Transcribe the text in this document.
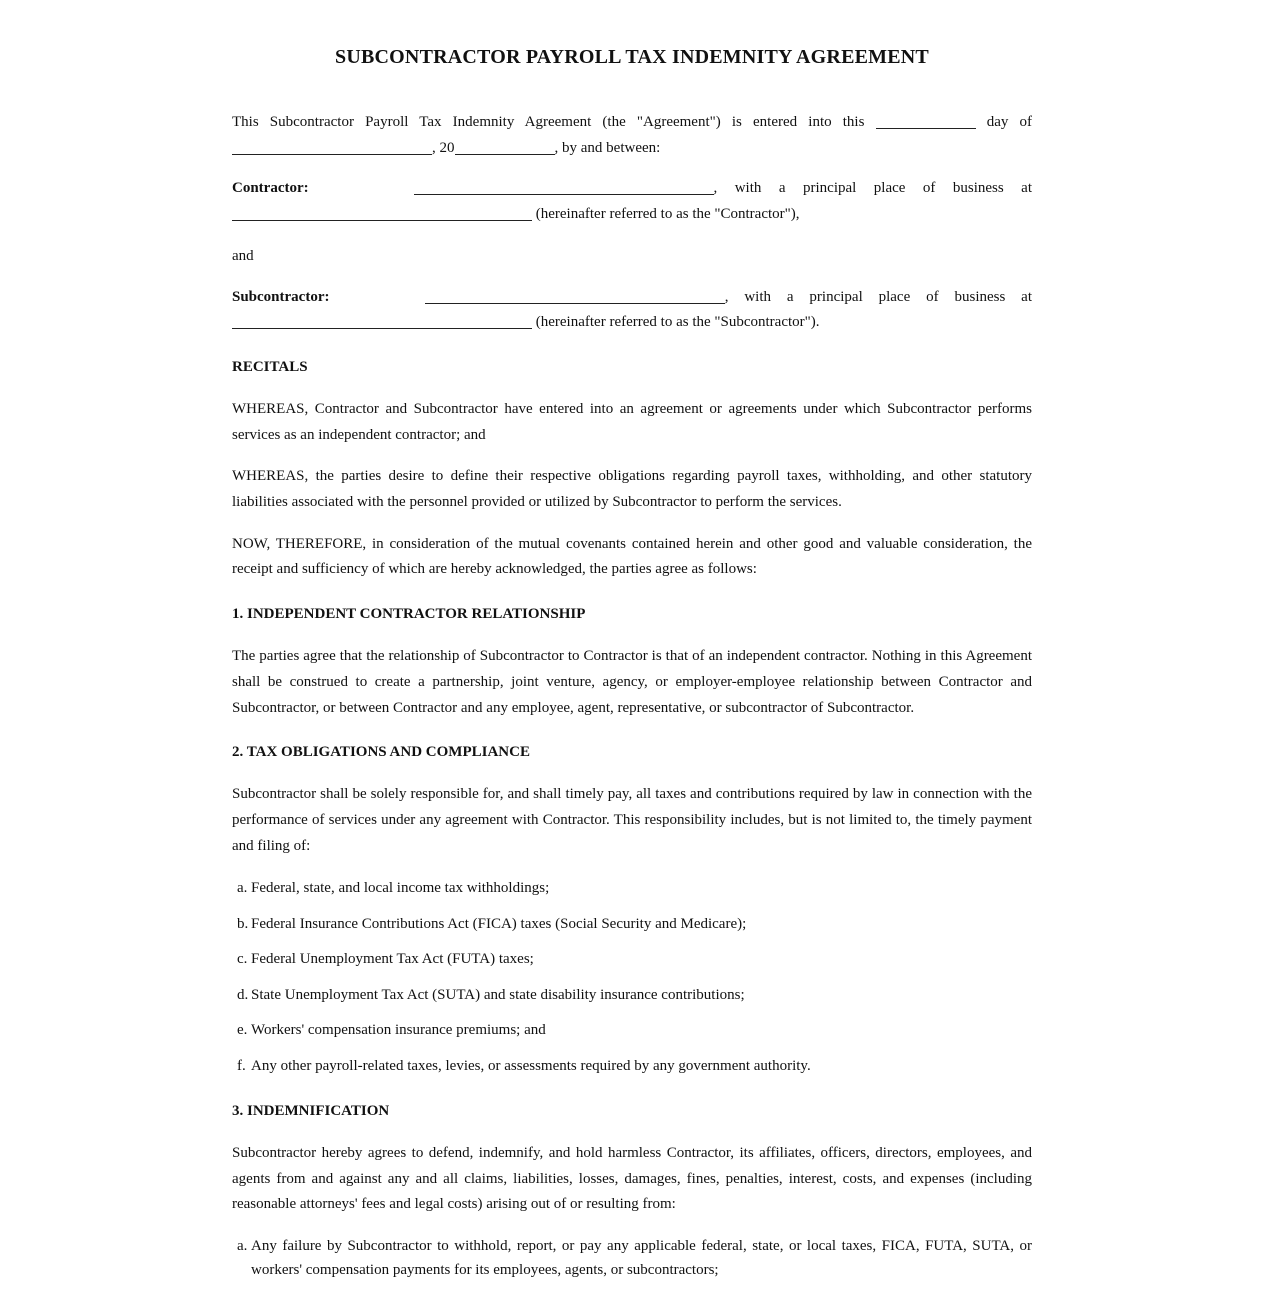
SUBCONTRACTOR PAYROLL TAX INDEMNITY AGREEMENT

This Subcontractor Payroll Tax Indemnity Agreement (the "Agreement") is entered into this	day of , 20	, by and between:

Contractor:	, with a principal place of business at  (hereinafter referred to as the "Contractor"),

and

Subcontractor:	, with a principal place of business at  (hereinafter referred to as the "Subcontractor").

RECITALS

WHEREAS, Contractor and Subcontractor have entered into an agreement or agreements under which Subcontractor performs services as an independent contractor; and

WHEREAS, the parties desire to define their respective obligations regarding payroll taxes, withholding, and other statutory liabilities associated with the personnel provided or utilized by Subcontractor to perform the services.

NOW, THEREFORE, in consideration of the mutual covenants contained herein and other good and valuable consideration, the receipt and sufficiency of which are hereby acknowledged, the parties agree as follows:

1. INDEPENDENT CONTRACTOR RELATIONSHIP

The parties agree that the relationship of Subcontractor to Contractor is that of an independent contractor. Nothing in this Agreement shall be construed to create a partnership, joint venture, agency, or employer-employee relationship between Contractor and Subcontractor, or between Contractor and any employee, agent, representative, or subcontractor of Subcontractor.

2. TAX OBLIGATIONS AND COMPLIANCE

Subcontractor shall be solely responsible for, and shall timely pay, all taxes and contributions required by law in connection with the performance of services under any agreement with Contractor. This responsibility includes, but is not limited to, the timely payment and filing of:

a. Federal, state, and local income tax withholdings;
b. Federal Insurance Contributions Act (FICA) taxes (Social Security and Medicare);
c. Federal Unemployment Tax Act (FUTA) taxes;
d. State Unemployment Tax Act (SUTA) and state disability insurance contributions;
e. Workers' compensation insurance premiums; and
f. Any other payroll-related taxes, levies, or assessments required by any government authority.
3. INDEMNIFICATION

Subcontractor hereby agrees to defend, indemnify, and hold harmless Contractor, its affiliates, officers, directors, employees, and agents from and against any and all claims, liabilities, losses, damages, fines, penalties, interest, costs, and expenses (including reasonable attorneys' fees and legal costs) arising out of or resulting from:

a. Any failure by Subcontractor to withhold, report, or pay any applicable federal, state, or local taxes, FICA, FUTA, SUTA, or workers' compensation payments for its employees, agents, or subcontractors;
